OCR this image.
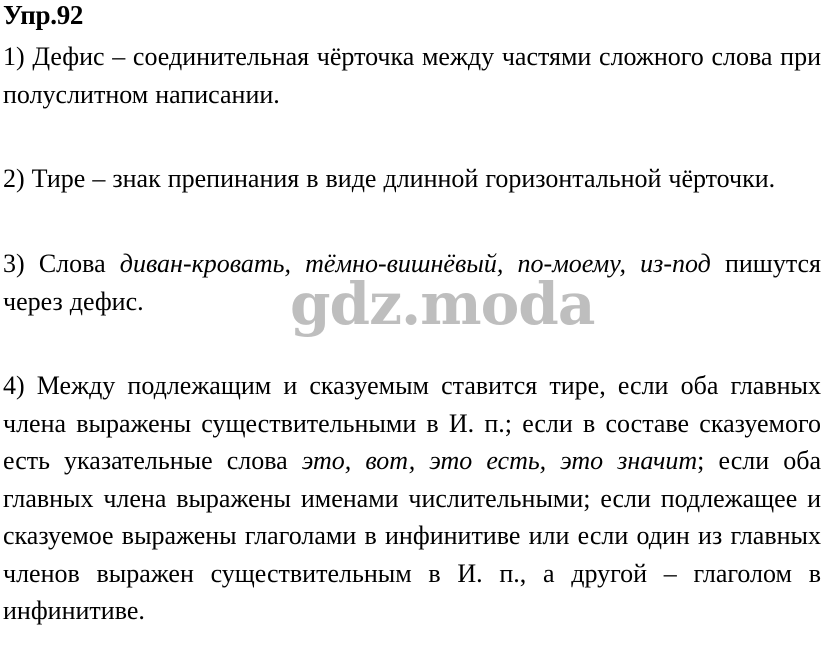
Упр.92
1) Дефис – соединительная чёрточка между частями сложного слова при полуслитном написании.
2) Тире – знак препинания в виде длинной горизонтальной чёрточки.
3) Слова диван-кровать, тёмно-вишнёвый, по-моему, из-под пишутся через дефис.
4) Между подлежащим и сказуемым ставится тире, если оба главных члена выражены существительными в И. п.; если в составе сказуемого есть указательные слова это, вот, это есть, это значит; если оба главных члена выражены именами числительными; если подлежащее и сказуемое выражены глаголами в инфинитиве или если один из главных членов выражен существительным в И. п., а другой – глаголом в инфинитиве.
gdz.moda
